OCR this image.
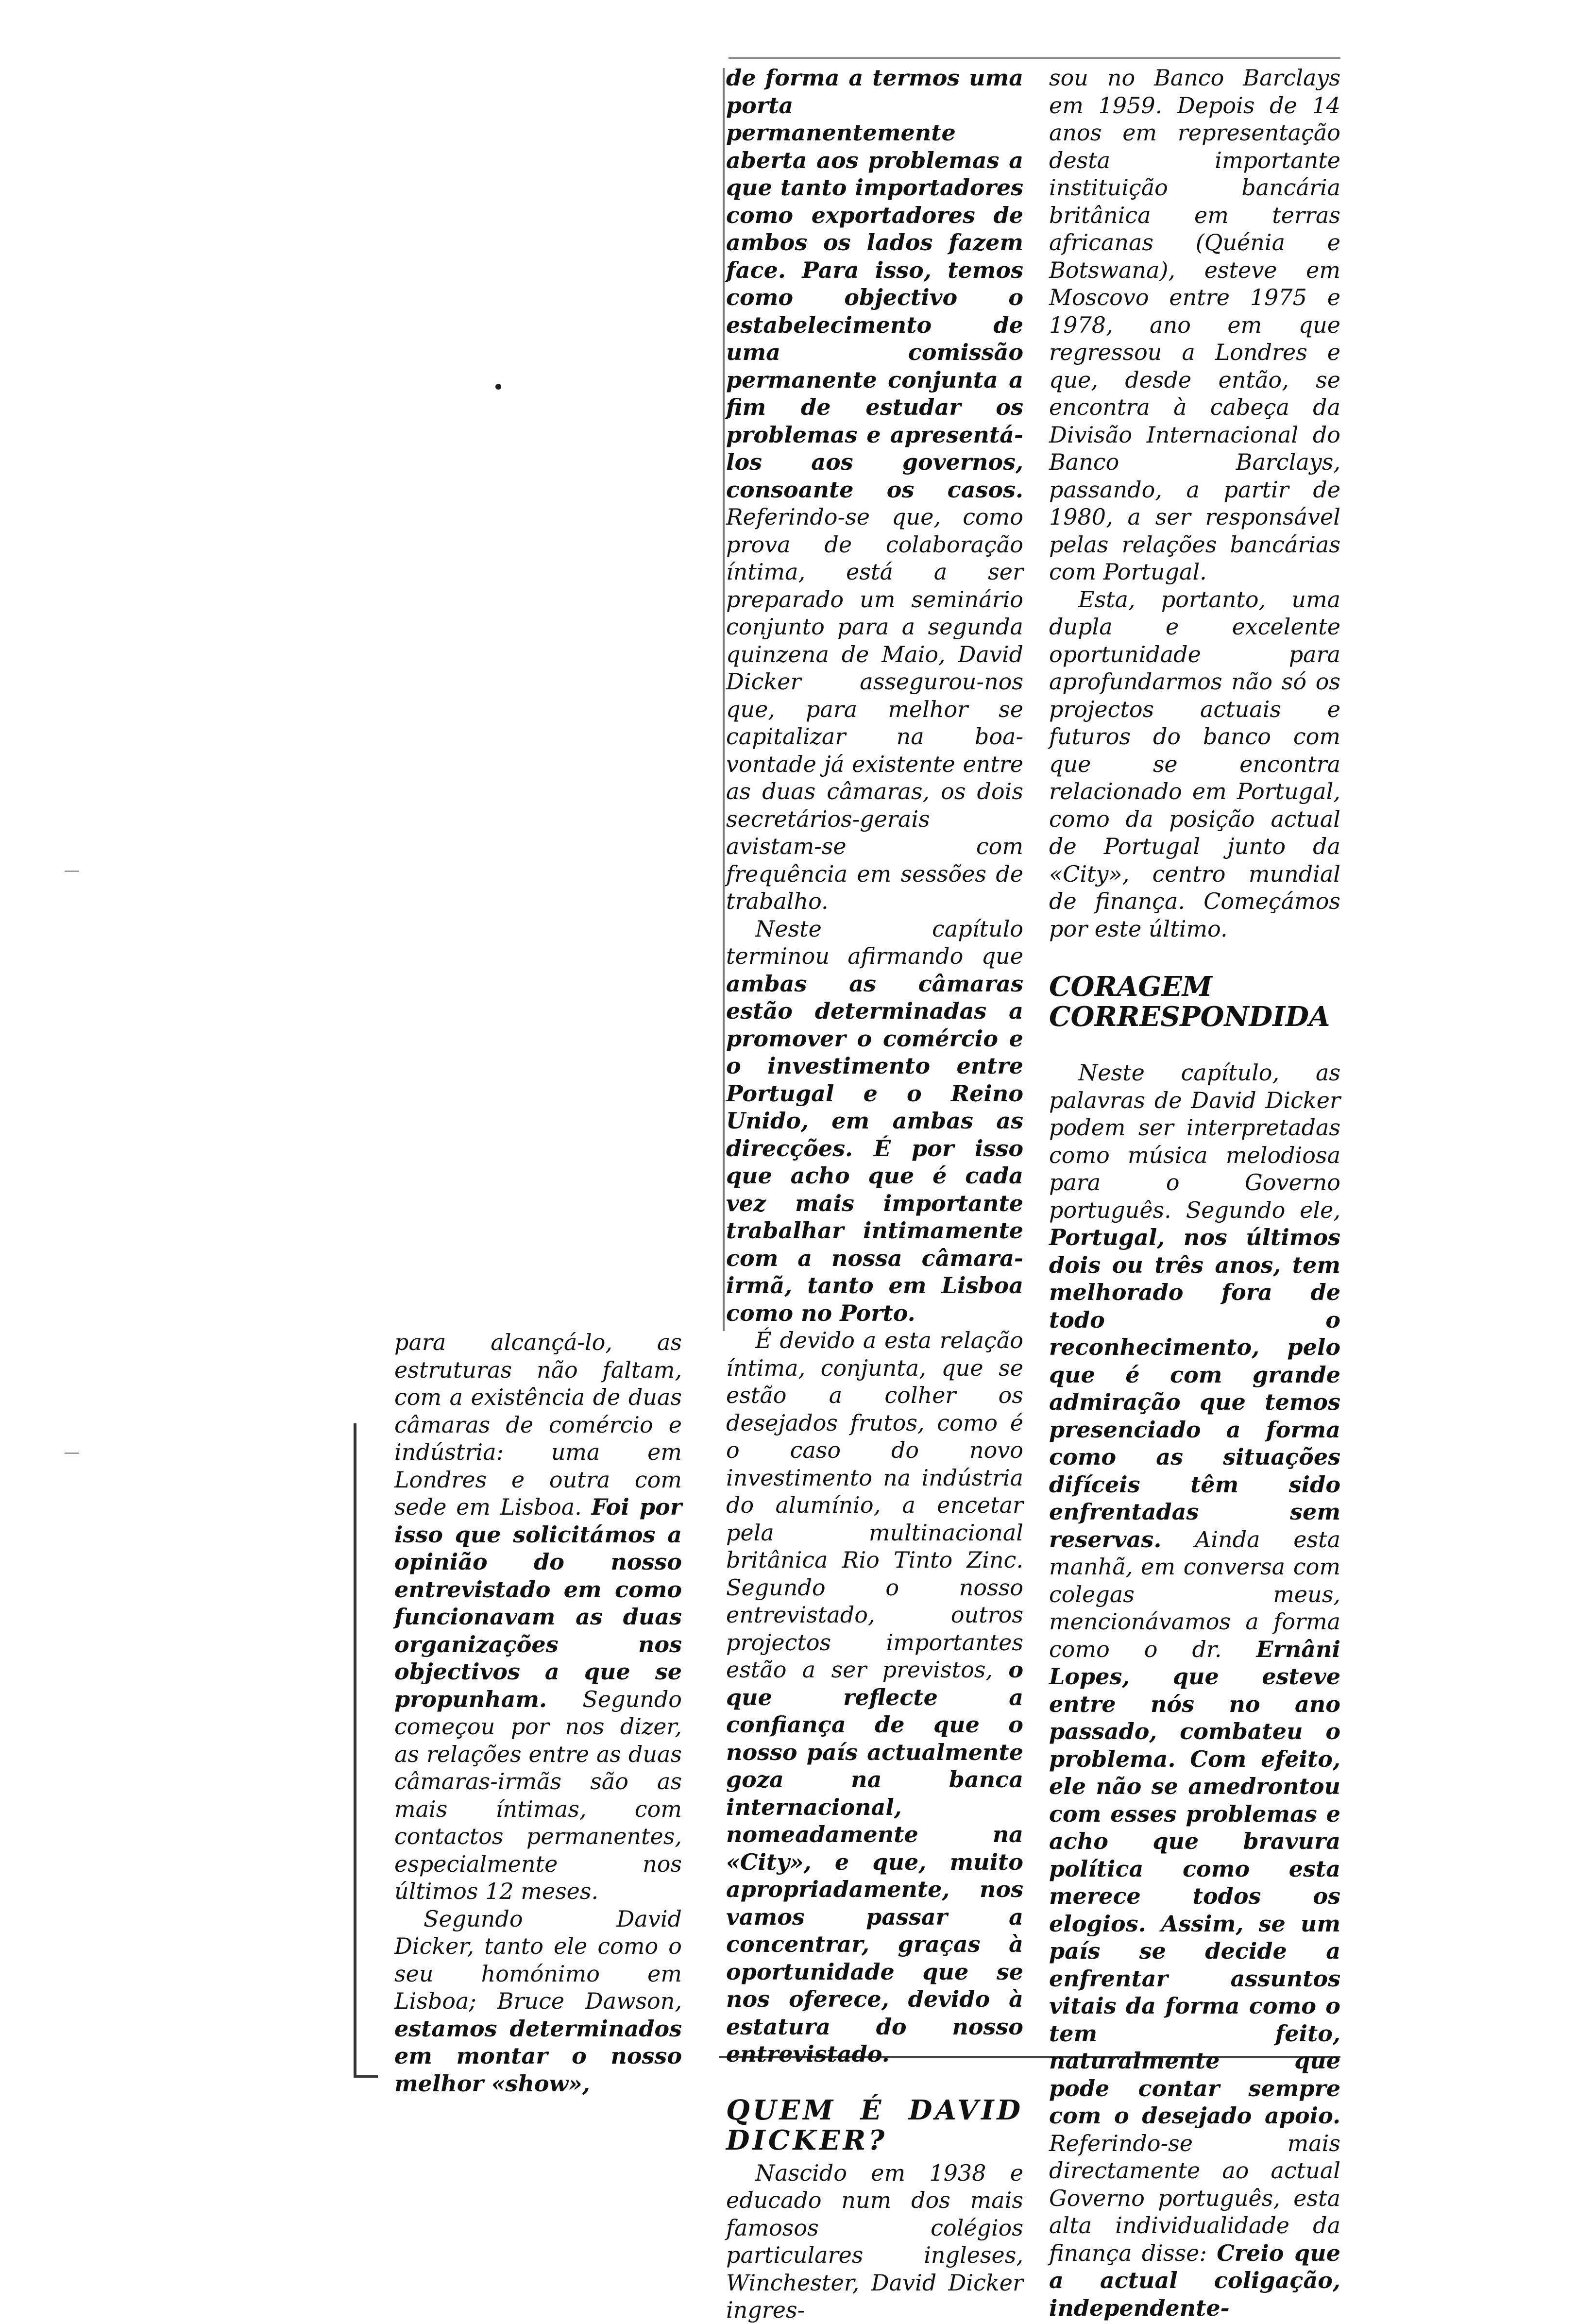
para alcançá-lo, as estruturas não faltam, com a existência de duas câmaras de comércio e indústria: uma em Londres e outra com sede em Lisboa. Foi por isso que solicitámos a opinião do nosso entrevistado em como funcionavam as duas organizações nos objectivos a que se propunham. Segundo começou por nos dizer, as relações entre as duas câmaras-irmãs são as mais íntimas, com contactos permanentes, especialmente nos últimos 12 meses.

Segundo David Dicker, tanto ele como o seu homónimo em Lisboa; Bruce Dawson, estamos determinados em montar o nosso melhor «show»,

de forma a termos uma porta permanentemente aberta aos problemas a que tanto importadores como exportadores de ambos os lados fazem face. Para isso, temos como objectivo o estabelecimento de uma comissão permanente conjunta a fim de estudar os problemas e apresentá-los aos governos, consoante os casos. Referindo-se que, como prova de colaboração íntima, está a ser preparado um seminário conjunto para a segunda quinzena de Maio, David Dicker assegurou-nos que, para melhor se capitalizar na boa-vontade já existente entre as duas câmaras, os dois secretários-gerais avistam-se com frequência em sessões de trabalho.

Neste capítulo terminou afirmando que ambas as câmaras estão determinadas a promover o comércio e o investimento entre Portugal e o Reino Unido, em ambas as direcções. É por isso que acho que é cada vez mais importante trabalhar intimamente com a nossa câmara-irmã, tanto em Lisboa como no Porto.

É devido a esta relação íntima, conjunta, que se estão a colher os desejados frutos, como é o caso do novo investimento na indústria do alumínio, a encetar pela multinacional britânica Rio Tinto Zinc. Segundo o nosso entrevistado, outros projectos importantes estão a ser previstos, o que reflecte a confiança de que o nosso país actualmente goza na banca internacional, nomeadamente na «City», e que, muito apropriadamente, nos vamos passar a concentrar, graças à oportunidade que se nos oferece, devido à estatura do nosso entrevistado.

QUEM É DAVID DICKER?

Nascido em 1938 e educado num dos mais famosos colégios particulares ingleses, Winchester, David Dicker ingres-

sou no Banco Barclays em 1959. Depois de 14 anos em representação desta importante instituição bancária britânica em terras africanas (Quénia e Botswana), esteve em Moscovo entre 1975 e 1978, ano em que regressou a Londres e que, desde então, se encontra à cabeça da Divisão Internacional do Banco Barclays, passando, a partir de 1980, a ser responsável pelas relações bancárias com Portugal.

Esta, portanto, uma dupla e excelente oportunidade para aprofundarmos não só os projectos actuais e futuros do banco com que se encontra relacionado em Portugal, como da posição actual de Portugal junto da «City», centro mundial de finança. Começámos por este último.

CORAGEM CORRESPONDIDA

Neste capítulo, as palavras de David Dicker podem ser interpretadas como música melodiosa para o Governo português. Segundo ele, Portugal, nos últimos dois ou três anos, tem melhorado fora de todo o reconhecimento, pelo que é com grande admiração que temos presenciado a forma como as situações difíceis têm sido enfrentadas sem reservas. Ainda esta manhã, em conversa com colegas meus, mencionávamos a forma como o dr. Ernâni Lopes, que esteve entre nós no ano passado, combateu o problema. Com efeito, ele não se amedrontou com esses problemas e acho que bravura política como esta merece todos os elogios. Assim, se um país se decide a enfrentar assuntos vitais da forma como o tem feito, naturalmente que pode contar sempre com o desejado apoio. Referindo-se mais directamente ao actual Governo português, esta alta individualidade da finança disse: Creio que a actual coligação, independente-
